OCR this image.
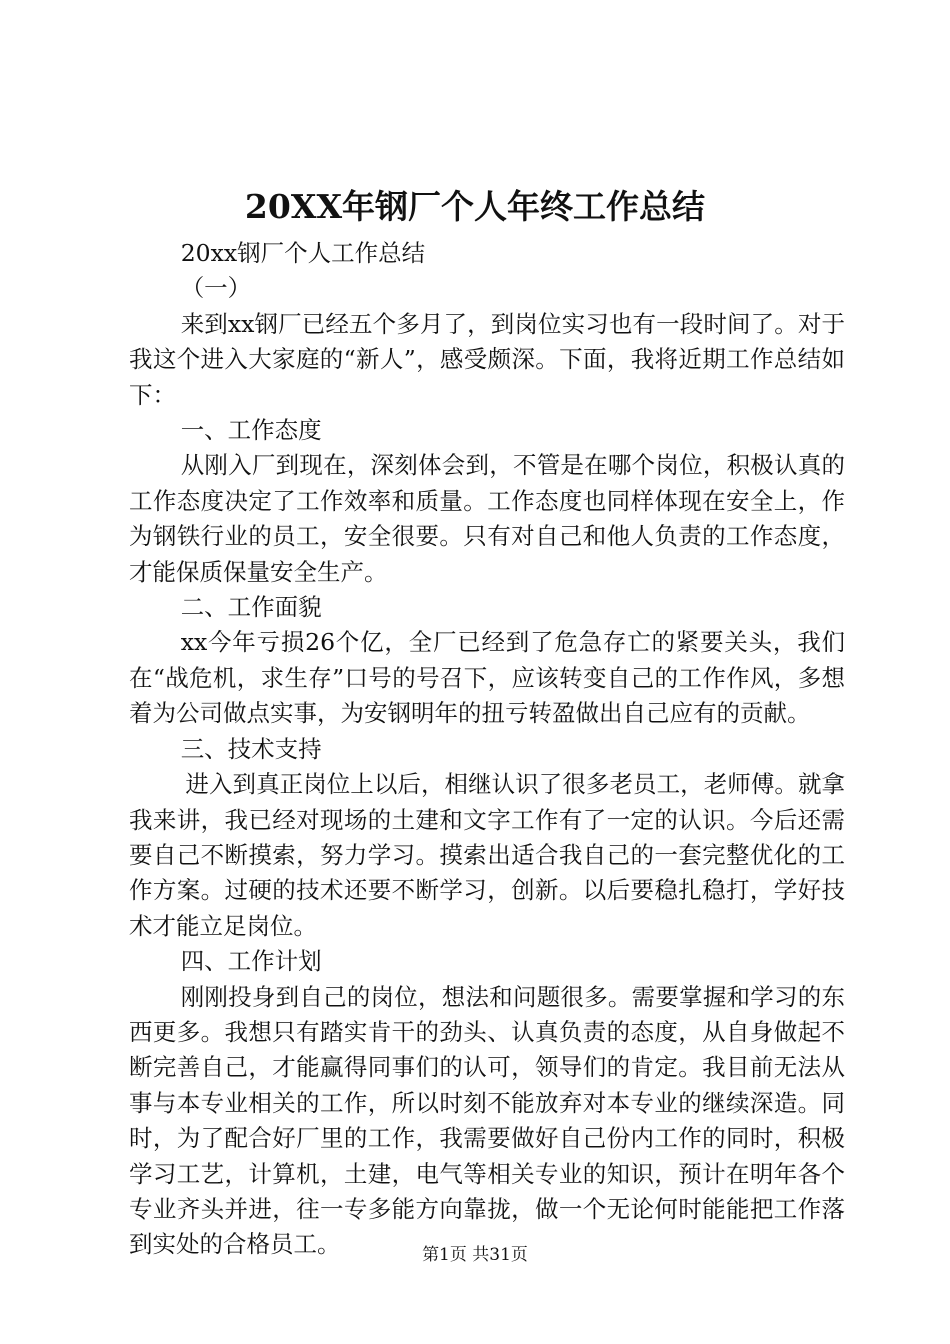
20XX年钢厂个人年终工作总结

20xx钢厂个人工作总结

（一）

来到xx钢厂已经五个多月了，到岗位实习也有一段时间了。对于我这个进入大家庭的“新人”，感受颇深。下面，我将近期工作总结如下：

一、工作态度

从刚入厂到现在，深刻体会到，不管是在哪个岗位，积极认真的工作态度决定了工作效率和质量。工作态度也同样体现在安全上，作为钢铁行业的员工，安全很要。只有对自己和他人负责的工作态度，才能保质保量安全生产。

二、工作面貌

xx今年亏损26个亿，全厂已经到了危急存亡的紧要关头，我们在“战危机，求生存”口号的号召下，应该转变自己的工作作风，多想着为公司做点实事，为安钢明年的扭亏转盈做出自己应有的贡献。

三、技术支持

进入到真正岗位上以后，相继认识了很多老员工，老师傅。就拿我来讲，我已经对现场的土建和文字工作有了一定的认识。今后还需要自己不断摸索，努力学习。摸索出适合我自己的一套完整优化的工作方案。过硬的技术还要不断学习，创新。以后要稳扎稳打，学好技术才能立足岗位。

四、工作计划

刚刚投身到自己的岗位，想法和问题很多。需要掌握和学习的东西更多。我想只有踏实肯干的劲头、认真负责的态度，从自身做起不断完善自己，才能赢得同事们的认可，领导们的肯定。我目前无法从事与本专业相关的工作，所以时刻不能放弃对本专业的继续深造。同时，为了配合好厂里的工作，我需要做好自己份内工作的同时，积极学习工艺，计算机，土建，电气等相关专业的知识，预计在明年各个专业齐头并进，往一专多能方向靠拢，做一个无论何时能能把工作落到实处的合格员工。	第1页 共31页
